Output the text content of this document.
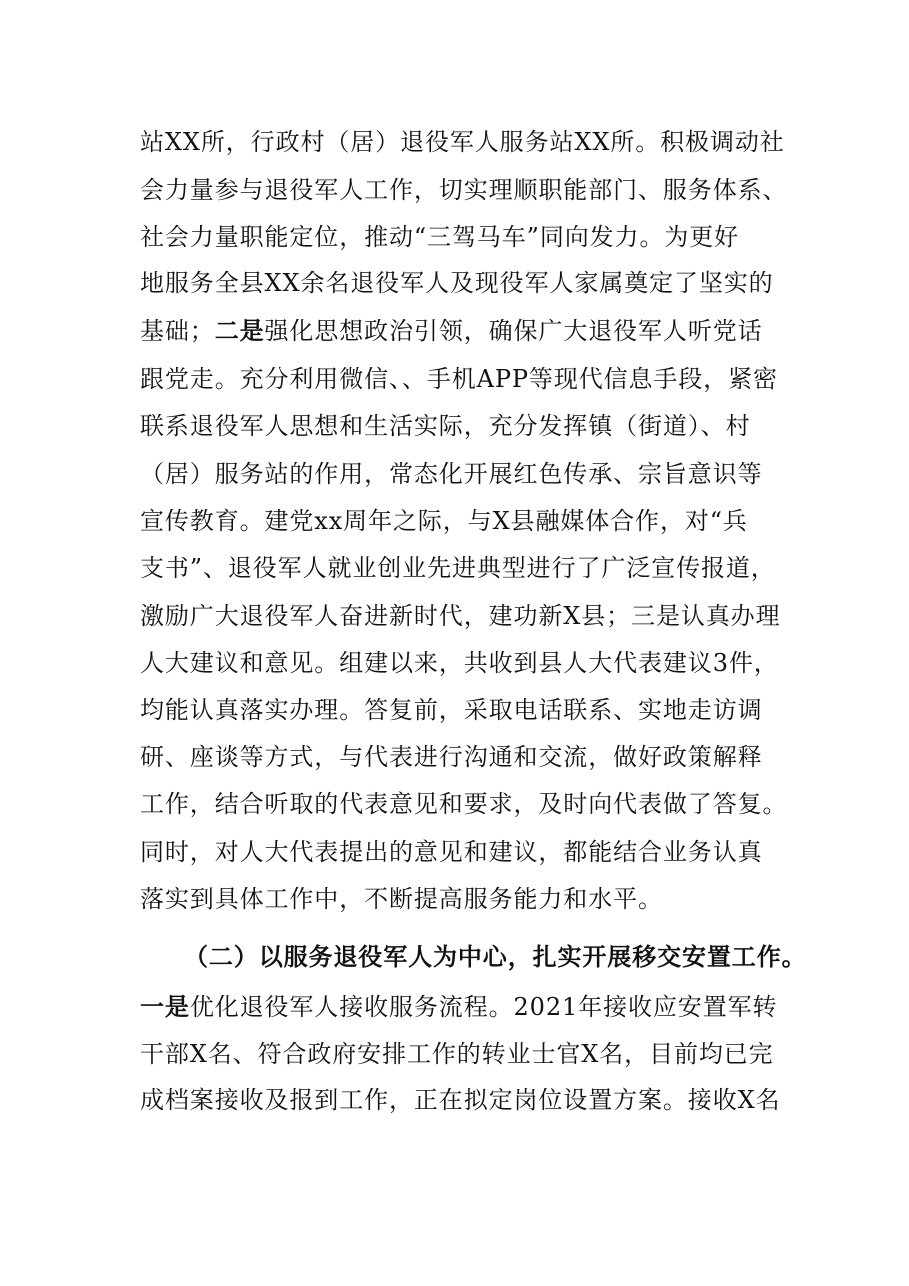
站XX所，行政村（居）退役军人服务站XX所。积极调动社
会力量参与退役军人工作，切实理顺职能部门、服务体系、
社会力量职能定位，推动“三驾马车”同向发力。为更好
地服务全县XX余名退役军人及现役军人家属奠定了坚实的
基础；二是强化思想政治引领，确保广大退役军人听党话
跟党走。充分利用微信、、手机APP等现代信息手段，紧密
联系退役军人思想和生活实际，充分发挥镇（街道）、村
（居）服务站的作用，常态化开展红色传承、宗旨意识等
宣传教育。建党xx周年之际，与X县融媒体合作，对“兵
支书”、退役军人就业创业先进典型进行了广泛宣传报道，
激励广大退役军人奋进新时代，建功新X县；三是认真办理
人大建议和意见。组建以来，共收到县人大代表建议3件，
均能认真落实办理。答复前，采取电话联系、实地走访调
研、座谈等方式，与代表进行沟通和交流，做好政策解释
工作，结合听取的代表意见和要求，及时向代表做了答复。
同时，对人大代表提出的意见和建议，都能结合业务认真
落实到具体工作中，不断提高服务能力和水平。
（二）以服务退役军人为中心，扎实开展移交安置工作。
一是优化退役军人接收服务流程。2021年接收应安置军转
干部X名、符合政府安排工作的转业士官X名，目前均已完
成档案接收及报到工作，正在拟定岗位设置方案。接收X名
